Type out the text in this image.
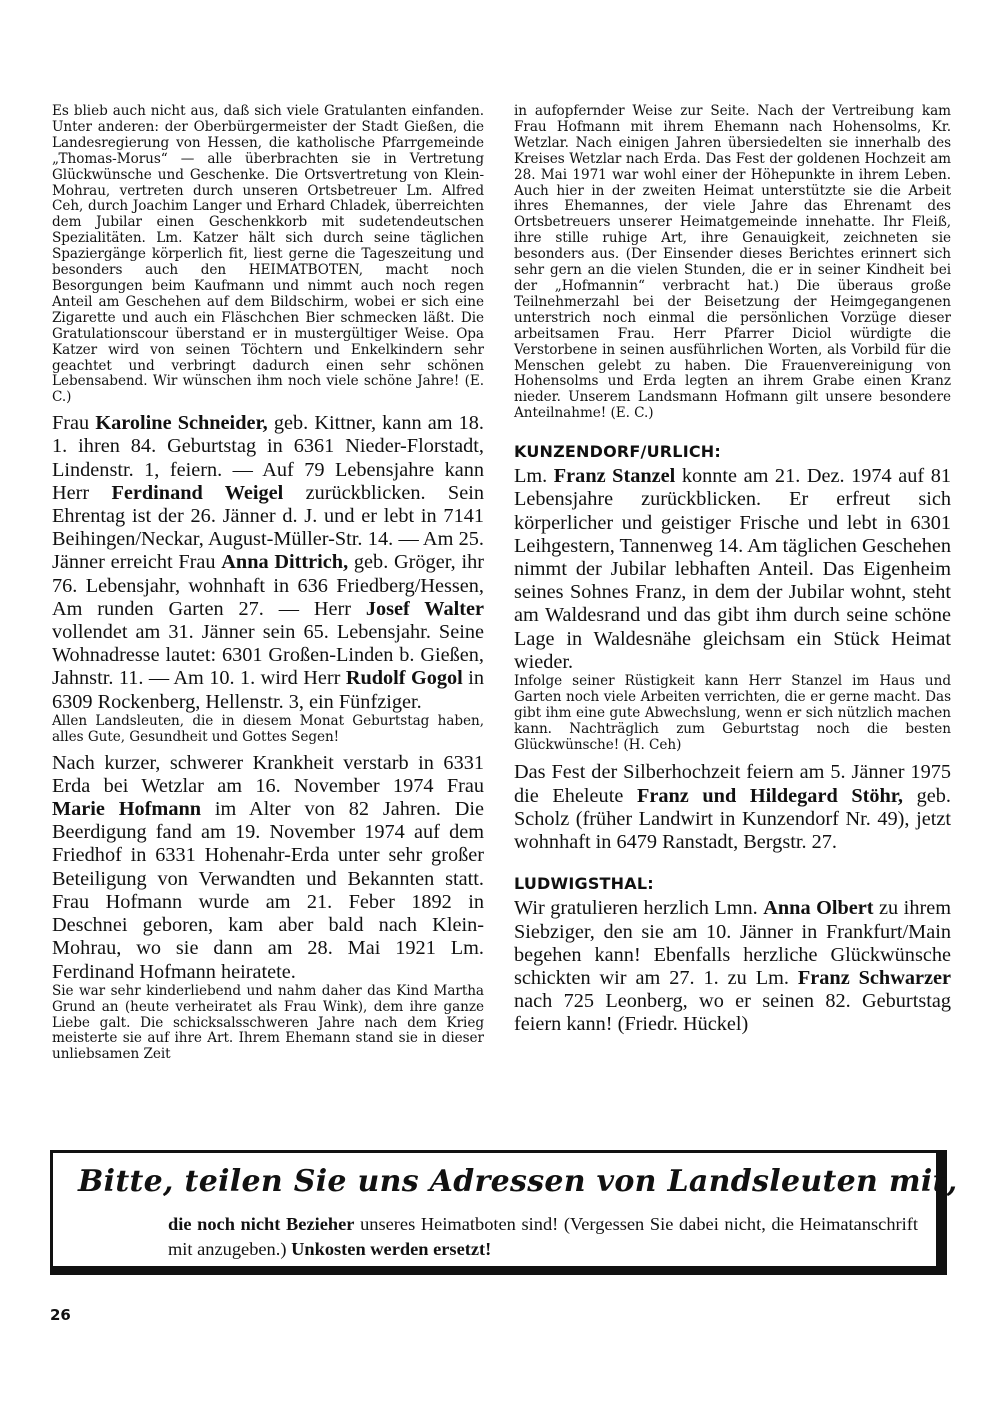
Es blieb auch nicht aus, daß sich viele Gratulanten einfanden. Unter anderen: der Oberbürgermeister der Stadt Gießen, die Landesregierung von Hessen, die katholische Pfarrgemeinde „Thomas-Morus“ — alle überbrachten sie in Vertretung Glückwünsche und Geschenke. Die Ortsvertretung von Klein-Mohrau, vertreten durch unseren Ortsbetreuer Lm. Alfred Ceh, durch Joachim Langer und Erhard Chladek, überreichten dem Jubilar einen Geschenkkorb mit sudetendeutschen Spezialitäten. Lm. Katzer hält sich durch seine täglichen Spaziergänge körperlich fit, liest gerne die Tageszeitung und besonders auch den HEIMATBOTEN, macht noch Besorgungen beim Kaufmann und nimmt auch noch regen Anteil am Geschehen auf dem Bildschirm, wobei er sich eine Zigarette und auch ein Fläschchen Bier schmecken läßt. Die Gratulationscour überstand er in mustergültiger Weise. Opa Katzer wird von seinen Töchtern und Enkelkindern sehr geachtet und verbringt dadurch einen sehr schönen Lebensabend. Wir wünschen ihm noch viele schöne Jahre! (E. C.)

Frau Karoline Schneider, geb. Kittner, kann am 18. 1. ihren 84. Geburtstag in 6361 Nieder-Florstadt, Lindenstr. 1, feiern. — Auf 79 Lebensjahre kann Herr Ferdinand Weigel zurückblicken. Sein Ehrentag ist der 26. Jänner d. J. und er lebt in 7141 Beihingen/Neckar, August-Müller-Str. 14. — Am 25. Jänner erreicht Frau Anna Dittrich, geb. Gröger, ihr 76. Lebensjahr, wohnhaft in 636 Friedberg/Hessen, Am runden Garten 27. — Herr Josef Walter vollendet am 31. Jänner sein 65. Lebensjahr. Seine Wohnadresse lautet: 6301 Großen-Linden b. Gießen, Jahnstr. 11. — Am 10. 1. wird Herr Rudolf Gogol in 6309 Rockenberg, Hellenstr. 3, ein Fünfziger.

Allen Landsleuten, die in diesem Monat Geburtstag haben, alles Gute, Gesundheit und Gottes Segen!

Nach kurzer, schwerer Krankheit verstarb in 6331 Erda bei Wetzlar am 16. November 1974 Frau Marie Hofmann im Alter von 82 Jahren. Die Beerdigung fand am 19. November 1974 auf dem Friedhof in 6331 Hohenahr-Erda unter sehr großer Beteiligung von Verwandten und Bekannten statt. Frau Hofmann wurde am 21. Feber 1892 in Deschnei geboren, kam aber bald nach Klein-Mohrau, wo sie dann am 28. Mai 1921 Lm. Ferdinand Hofmann heiratete.

Sie war sehr kinderliebend und nahm daher das Kind Martha Grund an (heute verheiratet als Frau Wink), dem ihre ganze Liebe galt. Die schicksalsschweren Jahre nach dem Krieg meisterte sie auf ihre Art. Ihrem Ehemann stand sie in dieser unliebsamen Zeit

in aufopfernder Weise zur Seite. Nach der Vertreibung kam Frau Hofmann mit ihrem Ehemann nach Hohensolms, Kr. Wetzlar. Nach einigen Jahren übersiedelten sie innerhalb des Kreises Wetzlar nach Erda. Das Fest der goldenen Hochzeit am 28. Mai 1971 war wohl einer der Höhepunkte in ihrem Leben. Auch hier in der zweiten Heimat unterstützte sie die Arbeit ihres Ehemannes, der viele Jahre das Ehrenamt des Ortsbetreuers unserer Heimatgemeinde innehatte. Ihr Fleiß, ihre stille ruhige Art, ihre Genauigkeit, zeichneten sie besonders aus. (Der Einsender dieses Berichtes erinnert sich sehr gern an die vielen Stunden, die er in seiner Kindheit bei der „Hofmannin“ verbracht hat.) Die überaus große Teilnehmerzahl bei der Beisetzung der Heimgegangenen unterstrich noch einmal die persönlichen Vorzüge dieser arbeitsamen Frau. Herr Pfarrer Diciol würdigte die Verstorbene in seinen ausführlichen Worten, als Vorbild für die Menschen gelebt zu haben. Die Frauenvereinigung von Hohensolms und Erda legten an ihrem Grabe einen Kranz nieder. Unserem Landsmann Hofmann gilt unsere besondere Anteilnahme! (E. C.)

KUNZENDORF/URLICH:

Lm. Franz Stanzel konnte am 21. Dez. 1974 auf 81 Lebensjahre zurückblicken. Er erfreut sich körperlicher und geistiger Frische und lebt in 6301 Leihgestern, Tannenweg 14. Am täglichen Geschehen nimmt der Jubilar lebhaften Anteil. Das Eigenheim seines Sohnes Franz, in dem der Jubilar wohnt, steht am Waldesrand und das gibt ihm durch seine schöne Lage in Waldesnähe gleichsam ein Stück Heimat wieder.

Infolge seiner Rüstigkeit kann Herr Stanzel im Haus und Garten noch viele Arbeiten verrichten, die er gerne macht. Das gibt ihm eine gute Abwechslung, wenn er sich nützlich machen kann. Nachträglich zum Geburtstag noch die besten Glückwünsche! (H. Ceh)

Das Fest der Silberhochzeit feiern am 5. Jänner 1975 die Eheleute Franz und Hildegard Stöhr, geb. Scholz (früher Landwirt in Kunzendorf Nr. 49), jetzt wohnhaft in 6479 Ranstadt, Bergstr. 27.

LUDWIGSTHAL:

Wir gratulieren herzlich Lmn. Anna Olbert zu ihrem Siebziger, den sie am 10. Jänner in Frankfurt/Main begehen kann! Ebenfalls herzliche Glückwünsche schickten wir am 27. 1. zu Lm. Franz Schwarzer nach 725 Leonberg, wo er seinen 82. Geburtstag feiern kann! (Friedr. Hückel)

Bitte, teilen Sie uns Adressen von Landsleuten mit,

die noch nicht Bezieher unseres Heimatboten sind! (Vergessen Sie dabei nicht, die Heimatanschrift mit anzugeben.) Unkosten werden ersetzt!

26
